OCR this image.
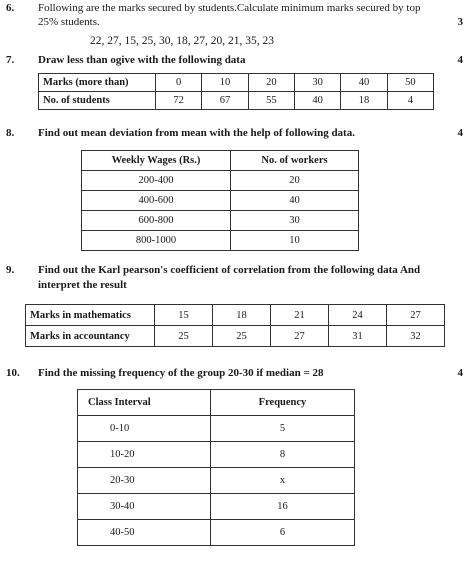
6. Following are the marks secured by students.Calculate minimum marks secured by top
25% students.	3
22, 27, 15, 25, 30, 18, 27, 20, 21, 35, 23
7. Draw less than ogive with the following data	4
Marks (more than)	0	10	20	30	40	50
No. of students	72	67	55	40	18	4
8. Find out mean deviation from mean with the help of following data.	4
Weekly Wages (Rs.)	No. of workers
200-400	20
400-600	40
600-800	30
800-1000	10
9. Find out the Karl pearson's coefficient of correlation from the following data And
interpret the result
Marks in mathematics	15	18	21	24	27
Marks in accountancy	25	25	27	31	32
10. Find the missing frequency of the group 20-30 if median = 28	4
Class Interval	Frequency
0-10	5
10-20	8
20-30	x
30-40	16
40-50	6
